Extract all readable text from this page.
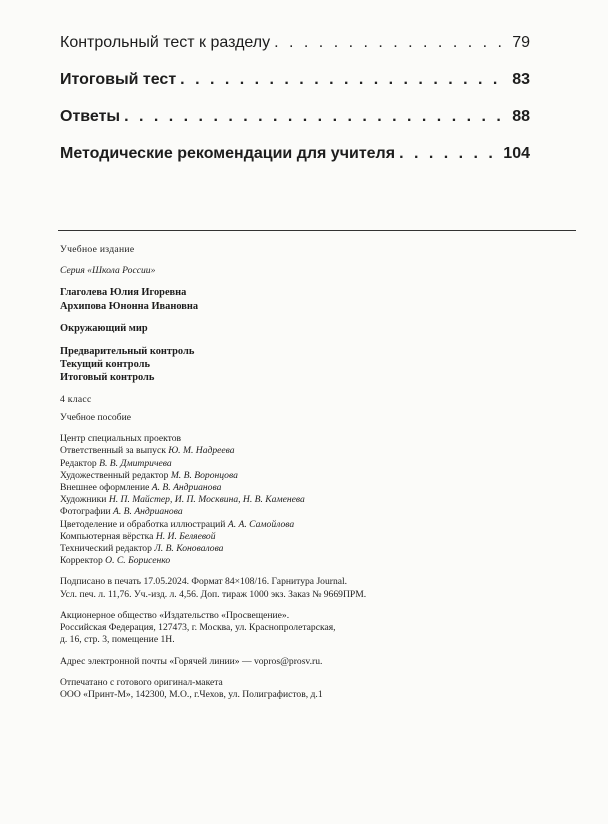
Контрольный тест к разделу . . .	79
Итоговый тест . . .	83
Ответы . . .	88
Методические рекомендации для учителя . . .	104

Учебное издание

Серия «Школа России»

Глаголева Юлия Игоревна

Архипова Юнонна Ивановна

Окружающий мир

Предварительный контроль

Текущий контроль

Итоговый контроль

4 класс

Учебное пособие

Центр специальных проектов

Ответственный за выпуск Ю. М. Надреева

Редактор В. В. Дмитричева

Художественный редактор М. В. Воронцова

Внешнее оформление А. В. Андрианова

Художники Н. П. Майстер, И. П. Москвина, Н. В. Каменева

Фотографии А. В. Андрианова

Цветоделение и обработка иллюстраций А. А. Самойлова

Компьютерная вёрстка Н. И. Беляевой

Технический редактор Л. В. Коновалова

Корректор О. С. Борисенко

Подписано в печать 17.05.2024. Формат 84×108/16. Гарнитура Journal.

Усл. печ. л. 11,76. Уч.-изд. л. 4,56. Доп. тираж 1000 экз. Заказ № 9669ПРМ.

Акционерное общество «Издательство «Просвещение».

Российская Федерация, 127473, г. Москва, ул. Краснопролетарская,

д. 16, стр. 3, помещение 1Н.

Адрес электронной почты «Горячей линии» — vopros@prosv.ru.

Отпечатано с готового оригинал-макета

ООО «Принт-М», 142300, М.О., г.Чехов, ул. Полиграфистов, д.1
